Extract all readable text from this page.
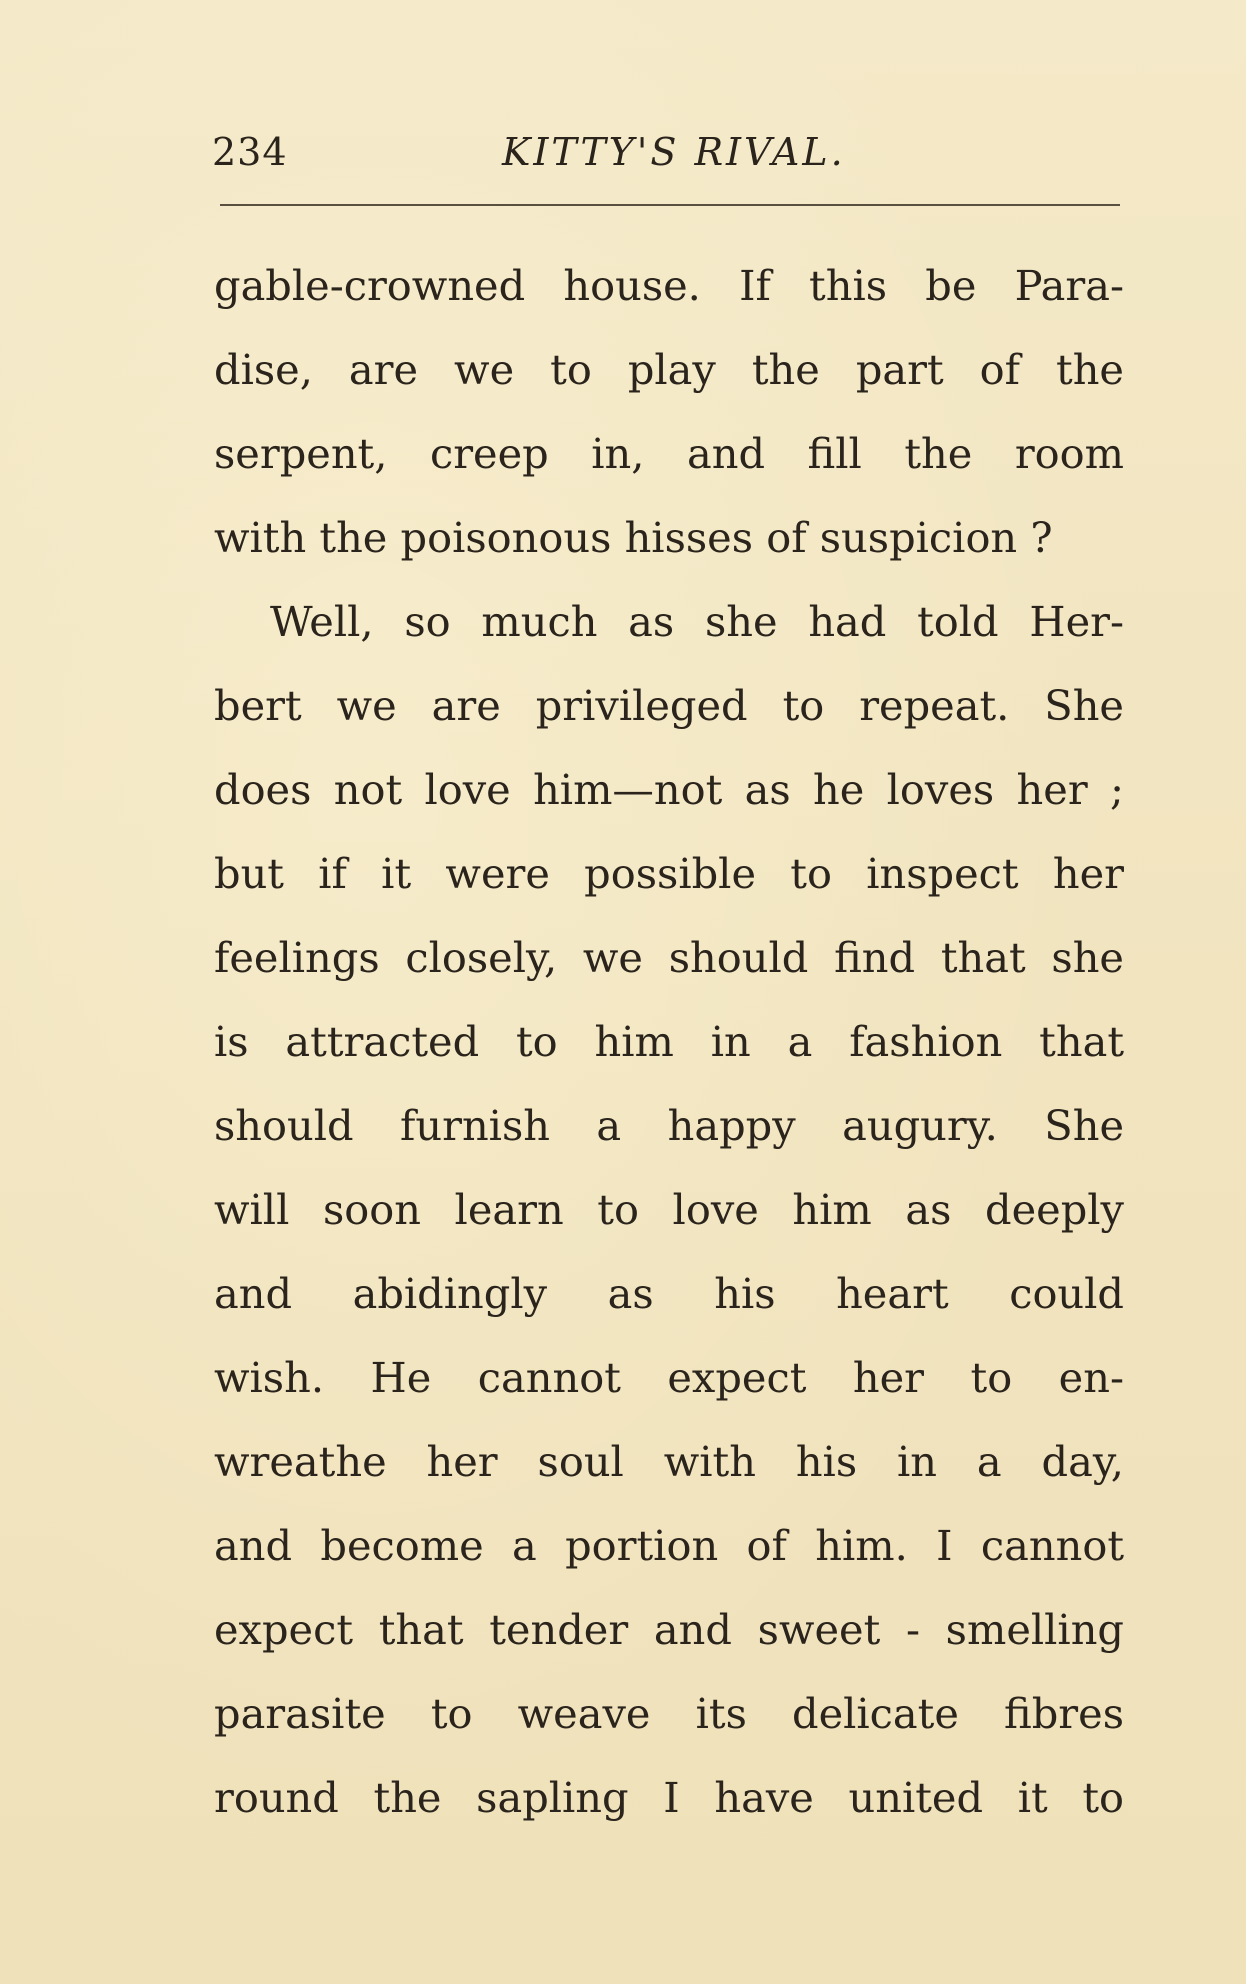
234	KITTY'S RIVAL.
gable-crowned house. If this be Para-
dise, are we to play the part of the
serpent, creep in, and fill the room
with the poisonous hisses of suspicion ?
Well, so much as she had told Her-
bert we are privileged to repeat. She
does not love him—not as he loves her ;
but if it were possible to inspect her
feelings closely, we should find that she
is attracted to him in a fashion that
should furnish a happy augury. She
will soon learn to love him as deeply
and abidingly as his heart could
wish. He cannot expect her to en-
wreathe her soul with his in a day,
and become a portion of him. I cannot
expect that tender and sweet - smelling
parasite to weave its delicate fibres
round the sapling I have united it to
